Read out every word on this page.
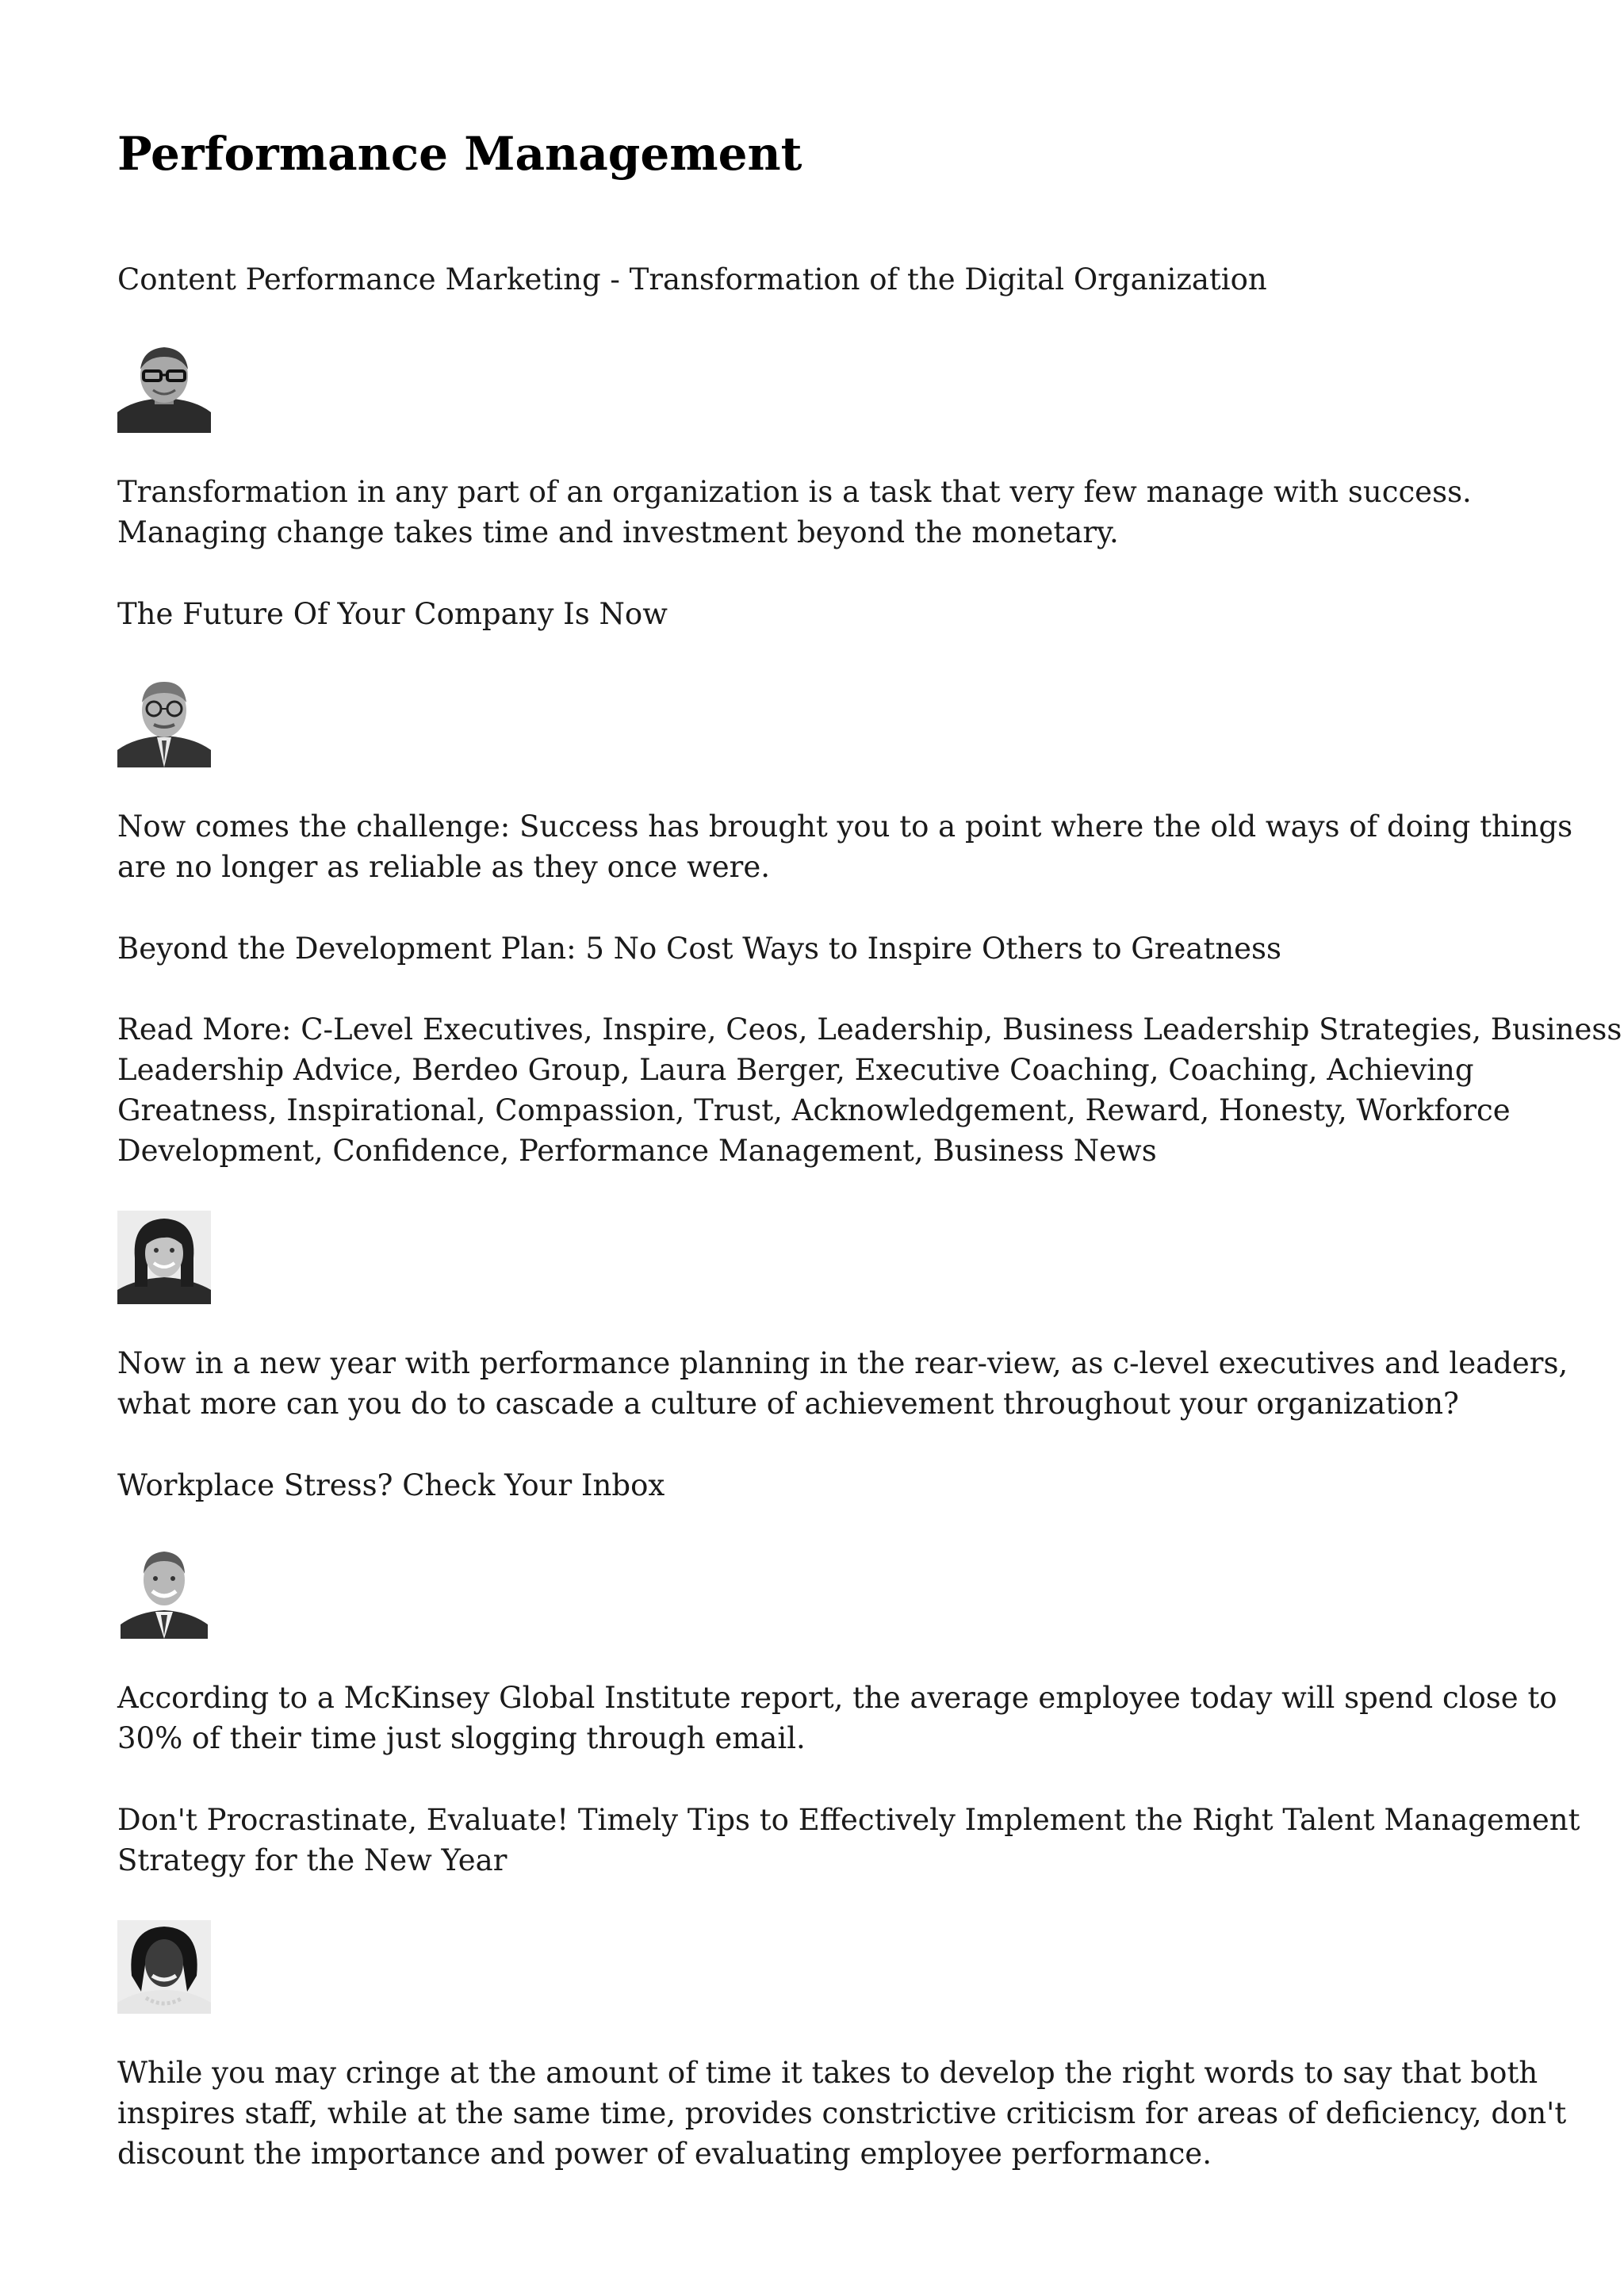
Performance Management

Content Performance Marketing - Transformation of the Digital Organization

Transformation in any part of an organization is a task that very few manage with success.

Managing change takes time and investment beyond the monetary.

The Future Of Your Company Is Now

Now comes the challenge: Success has brought you to a point where the old ways of doing things

are no longer as reliable as they once were.

Beyond the Development Plan: 5 No Cost Ways to Inspire Others to Greatness

Read More: C-Level Executives, Inspire, Ceos, Leadership, Business Leadership Strategies, Business

Leadership Advice, Berdeo Group, Laura Berger, Executive Coaching, Coaching, Achieving

Greatness, Inspirational, Compassion, Trust, Acknowledgement, Reward, Honesty, Workforce

Development, Confidence, Performance Management, Business News

Now in a new year with performance planning in the rear-view, as c-level executives and leaders,

what more can you do to cascade a culture of achievement throughout your organization?

Workplace Stress? Check Your Inbox

According to a McKinsey Global Institute report, the average employee today will spend close to

30% of their time just slogging through email.

Don't Procrastinate, Evaluate! Timely Tips to Effectively Implement the Right Talent Management

Strategy for the New Year

While you may cringe at the amount of time it takes to develop the right words to say that both

inspires staff, while at the same time, provides constrictive criticism for areas of deficiency, don't

discount the importance and power of evaluating employee performance.
